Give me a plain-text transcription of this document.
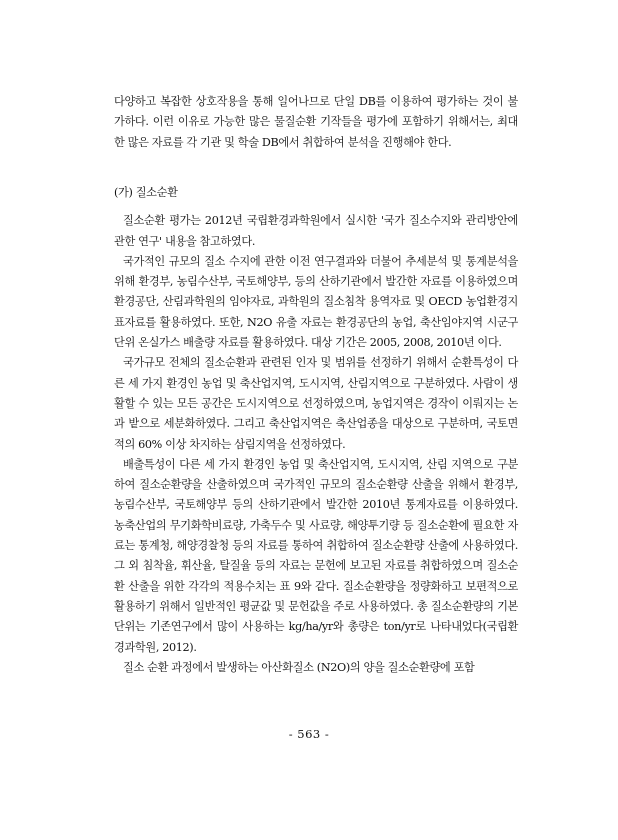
다양하고 복잡한 상호작용을 통해 일어나므로 단일 DB를 이용하여 평가하는 것이 불가하다. 이런 이유로 가능한 많은 물질순환 기작들을 평가에 포함하기 위해서는, 최대한 많은 자료를 각 기관 및 학술 DB에서 취합하여 분석을 진행해야 한다.

(가) 질소순환

질소순환 평가는 2012년 국립환경과학원에서 실시한 '국가 질소수지와 관리방안에 관한 연구' 내용을 참고하였다.

국가적인 규모의 질소 수지에 관한 이전 연구결과와 더불어 추세분석 및 통계분석을 위해 환경부, 농림수산부, 국토해양부, 등의 산하기관에서 발간한 자료를 이용하였으며 환경공단, 산림과학원의 임야자료, 과학원의 질소침착 용역자료 및 OECD 농업환경지표자료를 활용하였다. 또한, N2O 유출 자료는 환경공단의 농업, 축산임야지역 시군구 단위 온실가스 배출량 자료를 활용하였다. 대상 기간은 2005, 2008, 2010년 이다.

국가규모 전체의 질소순환과 관련된 인자 및 범위를 선정하기 위해서 순환특성이 다른 세 가지 환경인 농업 및 축산업지역, 도시지역, 산림지역으로 구분하였다. 사람이 생활할 수 있는 모든 공간은 도시지역으로 선정하였으며, 농업지역은 경작이 이뤄지는 논과 밭으로 세분화하였다. 그리고 축산업지역은 축산업종을 대상으로 구분하며, 국토면적의 60% 이상 차지하는 삼림지역을 선정하였다.

배출특성이 다른 세 가지 환경인 농업 및 축산업지역, 도시지역, 산림 지역으로 구분하여 질소순환량을 산출하였으며 국가적인 규모의 질소순환량 산출을 위해서 환경부, 농림수산부, 국토해양부 등의 산하기관에서 발간한 2010년 통계자료를 이용하였다. 농축산업의 무기화학비료량, 가축두수 및 사료량, 해양투기량 등 질소순환에 필요한 자료는 통계청, 해양경찰청 등의 자료를 통하여 취합하여 질소순환량 산출에 사용하였다. 그 외 침착율, 휘산율, 탈질율 등의 자료는 문헌에 보고된 자료를 취합하였으며 질소순환 산출을 위한 각각의 적용수치는 표 9와 같다. 질소순환량을 정량화하고 보편적으로 활용하기 위해서 일반적인 평균값 및 문헌값을 주로 사용하였다. 총 질소순환량의 기본 단위는 기존연구에서 많이 사용하는 kg/ha/yr와 총량은 ton/yr로 나타내었다(국립환경과학원, 2012).

질소 순환 과정에서 발생하는 아산화질소 (N2O)의 양을 질소순환량에 포함

- 563 -
